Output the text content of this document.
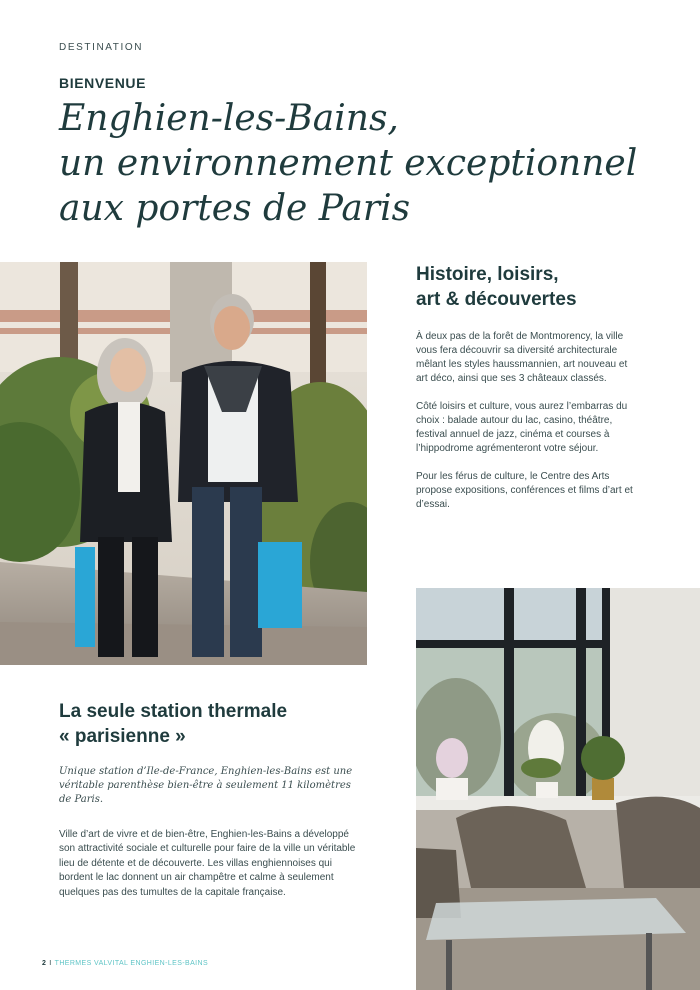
DESTINATION
BIENVENUE
Enghien-les-Bains,
un environnement exceptionnel
aux portes de Paris
Histoire, loisirs,
art & découvertes

À deux pas de la forêt de Montmorency, la ville vous fera découvrir sa diversité architecturale mêlant les styles haussmannien, art nouveau et art déco, ainsi que ses 3 châteaux classés.

Côté loisirs et culture, vous aurez l’embarras du choix : balade autour du lac, casino, théâtre, festival annuel de jazz, cinéma et courses à l’hippodrome agrémenteront votre séjour.

Pour les férus de culture, le Centre des Arts propose expositions, conférences et films d’art et d’essai.

La seule station thermale
« parisienne »
Unique station d’Ile-de-France, Enghien-les-Bains est une véritable parenthèse bien-être à seulement 11 kilomètres de Paris.
Ville d’art de vivre et de bien-être, Enghien-les-Bains a développé son attractivité sociale et culturelle pour faire de la ville un véritable lieu de détente et de découverte. Les villas enghiennoises qui bordent le lac donnent un air champêtre et calme à seulement quelques pas des tumultes de la capitale française.
2 I THERMES VALVITAL ENGHIEN-LES-BAINS
